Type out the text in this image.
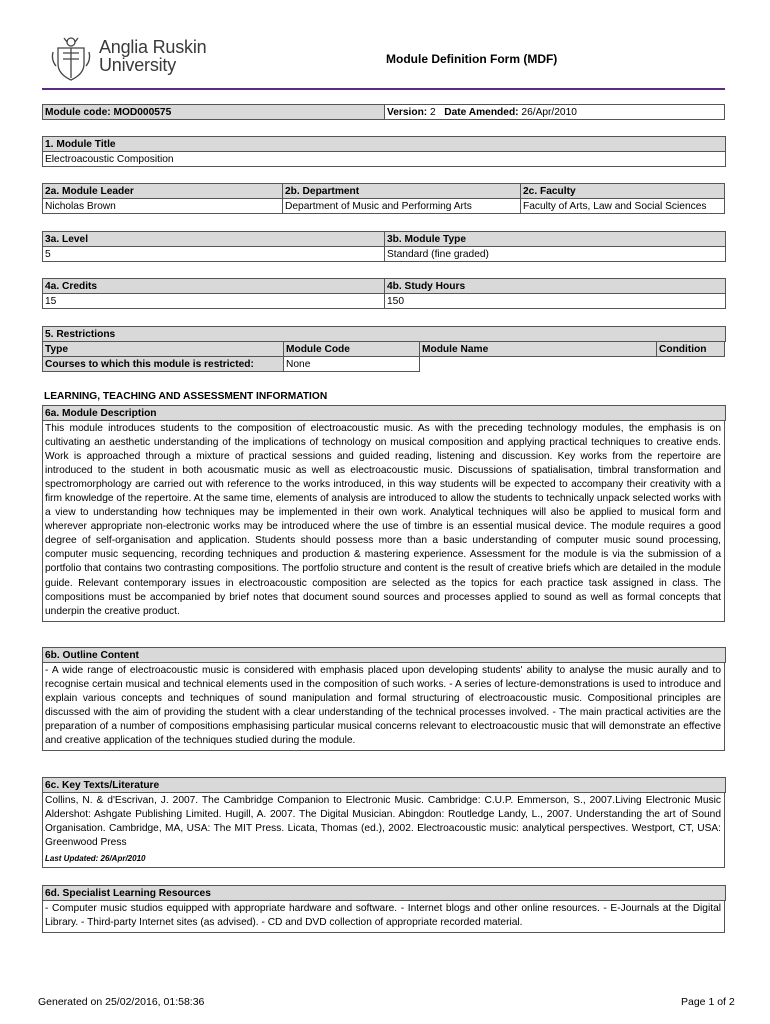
Anglia Ruskin
University	Module Definition Form (MDF)
Module code: MOD000575	Version: 2 Date Amended: 26/Apr/2010
1. Module Title
Electroacoustic Composition
2a. Module Leader	2b. Department	2c. Faculty
Nicholas Brown	Department of Music and Performing Arts	Faculty of Arts, Law and Social Sciences
3a. Level	3b. Module Type
5	Standard (fine graded)
4a. Credits	4b. Study Hours
15	150
5. Restrictions
Type	Module Code	Module Name	Condition
Courses to which this module is restricted:	None
LEARNING, TEACHING AND ASSESSMENT INFORMATION
6a. Module Description
This module introduces students to the composition of electroacoustic music. As with the preceding technology modules, the emphasis is on cultivating an aesthetic understanding of the implications of technology on musical composition and applying practical techniques to creative ends. Work is approached through a mixture of practical sessions and guided reading, listening and discussion. Key works from the repertoire are introduced to the student in both acousmatic music as well as electroacoustic music. Discussions of spatialisation, timbral transformation and spectromorphology are carried out with reference to the works introduced, in this way students will be expected to accompany their creativity with a firm knowledge of the repertoire. At the same time, elements of analysis are introduced to allow the students to technically unpack selected works with a view to understanding how techniques may be implemented in their own work. Analytical techniques will also be applied to musical form and wherever appropriate non-electronic works may be introduced where the use of timbre is an essential musical device. The module requires a good degree of self-organisation and application. Students should possess more than a basic understanding of computer music sound processing, computer music sequencing, recording techniques and production & mastering experience. Assessment for the module is via the submission of a portfolio that contains two contrasting compositions. The portfolio structure and content is the result of creative briefs which are detailed in the module guide. Relevant contemporary issues in electroacoustic composition are selected as the topics for each practice task assigned in class. The compositions must be accompanied by brief notes that document sound sources and processes applied to sound as well as formal concepts that underpin the creative product.
6b. Outline Content
- A wide range of electroacoustic music is considered with emphasis placed upon developing students' ability to analyse the music aurally and to recognise certain musical and technical elements used in the composition of such works. - A series of lecture-demonstrations is used to introduce and explain various concepts and techniques of sound manipulation and formal structuring of electroacoustic music. Compositional principles are discussed with the aim of providing the student with a clear understanding of the technical processes involved. - The main practical activities are the preparation of a number of compositions emphasising particular musical concerns relevant to electroacoustic music that will demonstrate an effective and creative application of the techniques studied during the module.
6c. Key Texts/Literature
Collins, N. & d'Escrivan, J. 2007. The Cambridge Companion to Electronic Music. Cambridge: C.U.P. Emmerson, S., 2007.Living Electronic Music Aldershot: Ashgate Publishing Limited. Hugill, A. 2007. The Digital Musician. Abingdon: Routledge Landy, L., 2007. Understanding the art of Sound Organisation. Cambridge, MA, USA: The MIT Press. Licata, Thomas (ed.), 2002. Electroacoustic music: analytical perspectives. Westport, CT, USA: Greenwood Press
Last Updated: 26/Apr/2010
6d. Specialist Learning Resources
- Computer music studios equipped with appropriate hardware and software. - Internet blogs and other online resources. - E-Journals at the Digital Library. - Third-party Internet sites (as advised). - CD and DVD collection of appropriate recorded material.
Generated on 25/02/2016, 01:58:36	Page 1 of 2
